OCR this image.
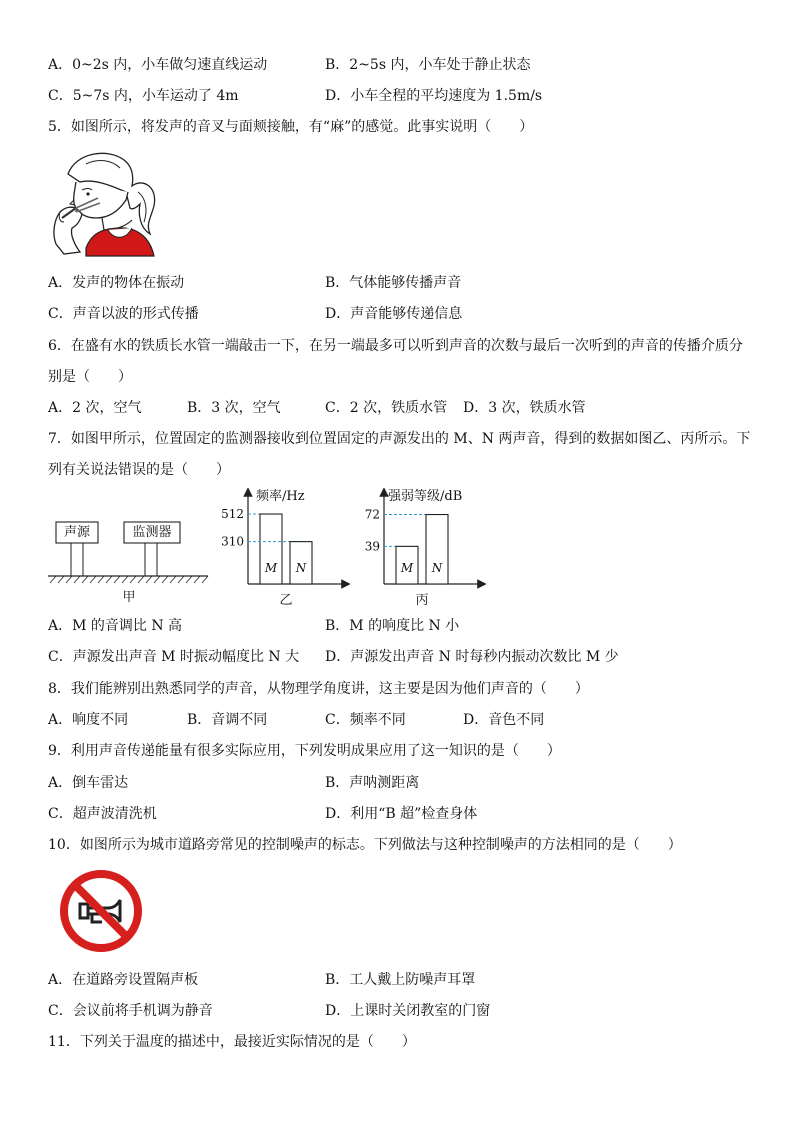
A．0~2s 内，小车做匀速直线运动	B．2~5s 内，小车处于静止状态
C．5~7s 内，小车运动了 4m	D．小车全程的平均速度为 1.5m/s
5．如图所示，将发声的音叉与面颊接触，有“麻”的感觉。此事实说明（　　）
A．发声的物体在振动	B．气体能够传播声音
C．声音以波的形式传播	D．声音能够传递信息
6．在盛有水的铁质长水管一端敲击一下，在另一端最多可以听到声音的次数与最后一次听到的声音的传播介质分
别是（　　）
A．2 次，空气	B．3 次，空气	C．2 次，铁质水管 D．3 次，铁质水管
7．如图甲所示，位置固定的监测器接收到位置固定的声源发出的 M、N 两声音，得到的数据如图乙、丙所示。下
列有关说法错误的是（　　）
声源	监测器
甲
M N
512
310
频率/Hz
乙
M N
72
39
强弱等级/dB
丙
A．M 的音调比 N 高	B．M 的响度比 N 小
C．声源发出声音 M 时振动幅度比 N 大 D．声源发出声音 N 时每秒内振动次数比 M 少
8．我们能辨别出熟悉同学的声音，从物理学角度讲，这主要是因为他们声音的（　　）
A．响度不同	B．音调不同	C．频率不同	D．音色不同
9．利用声音传递能量有很多实际应用，下列发明成果应用了这一知识的是（　　）
A．倒车雷达	B．声呐测距离
C．超声波清洗机	D．利用“B 超”检查身体
10．如图所示为城市道路旁常见的控制噪声的标志。下列做法与这种控制噪声的方法相同的是（　　）
A．在道路旁设置隔声板	B．工人戴上防噪声耳罩
C．会议前将手机调为静音	D．上课时关闭教室的门窗
11．下列关于温度的描述中，最接近实际情况的是（　　）
